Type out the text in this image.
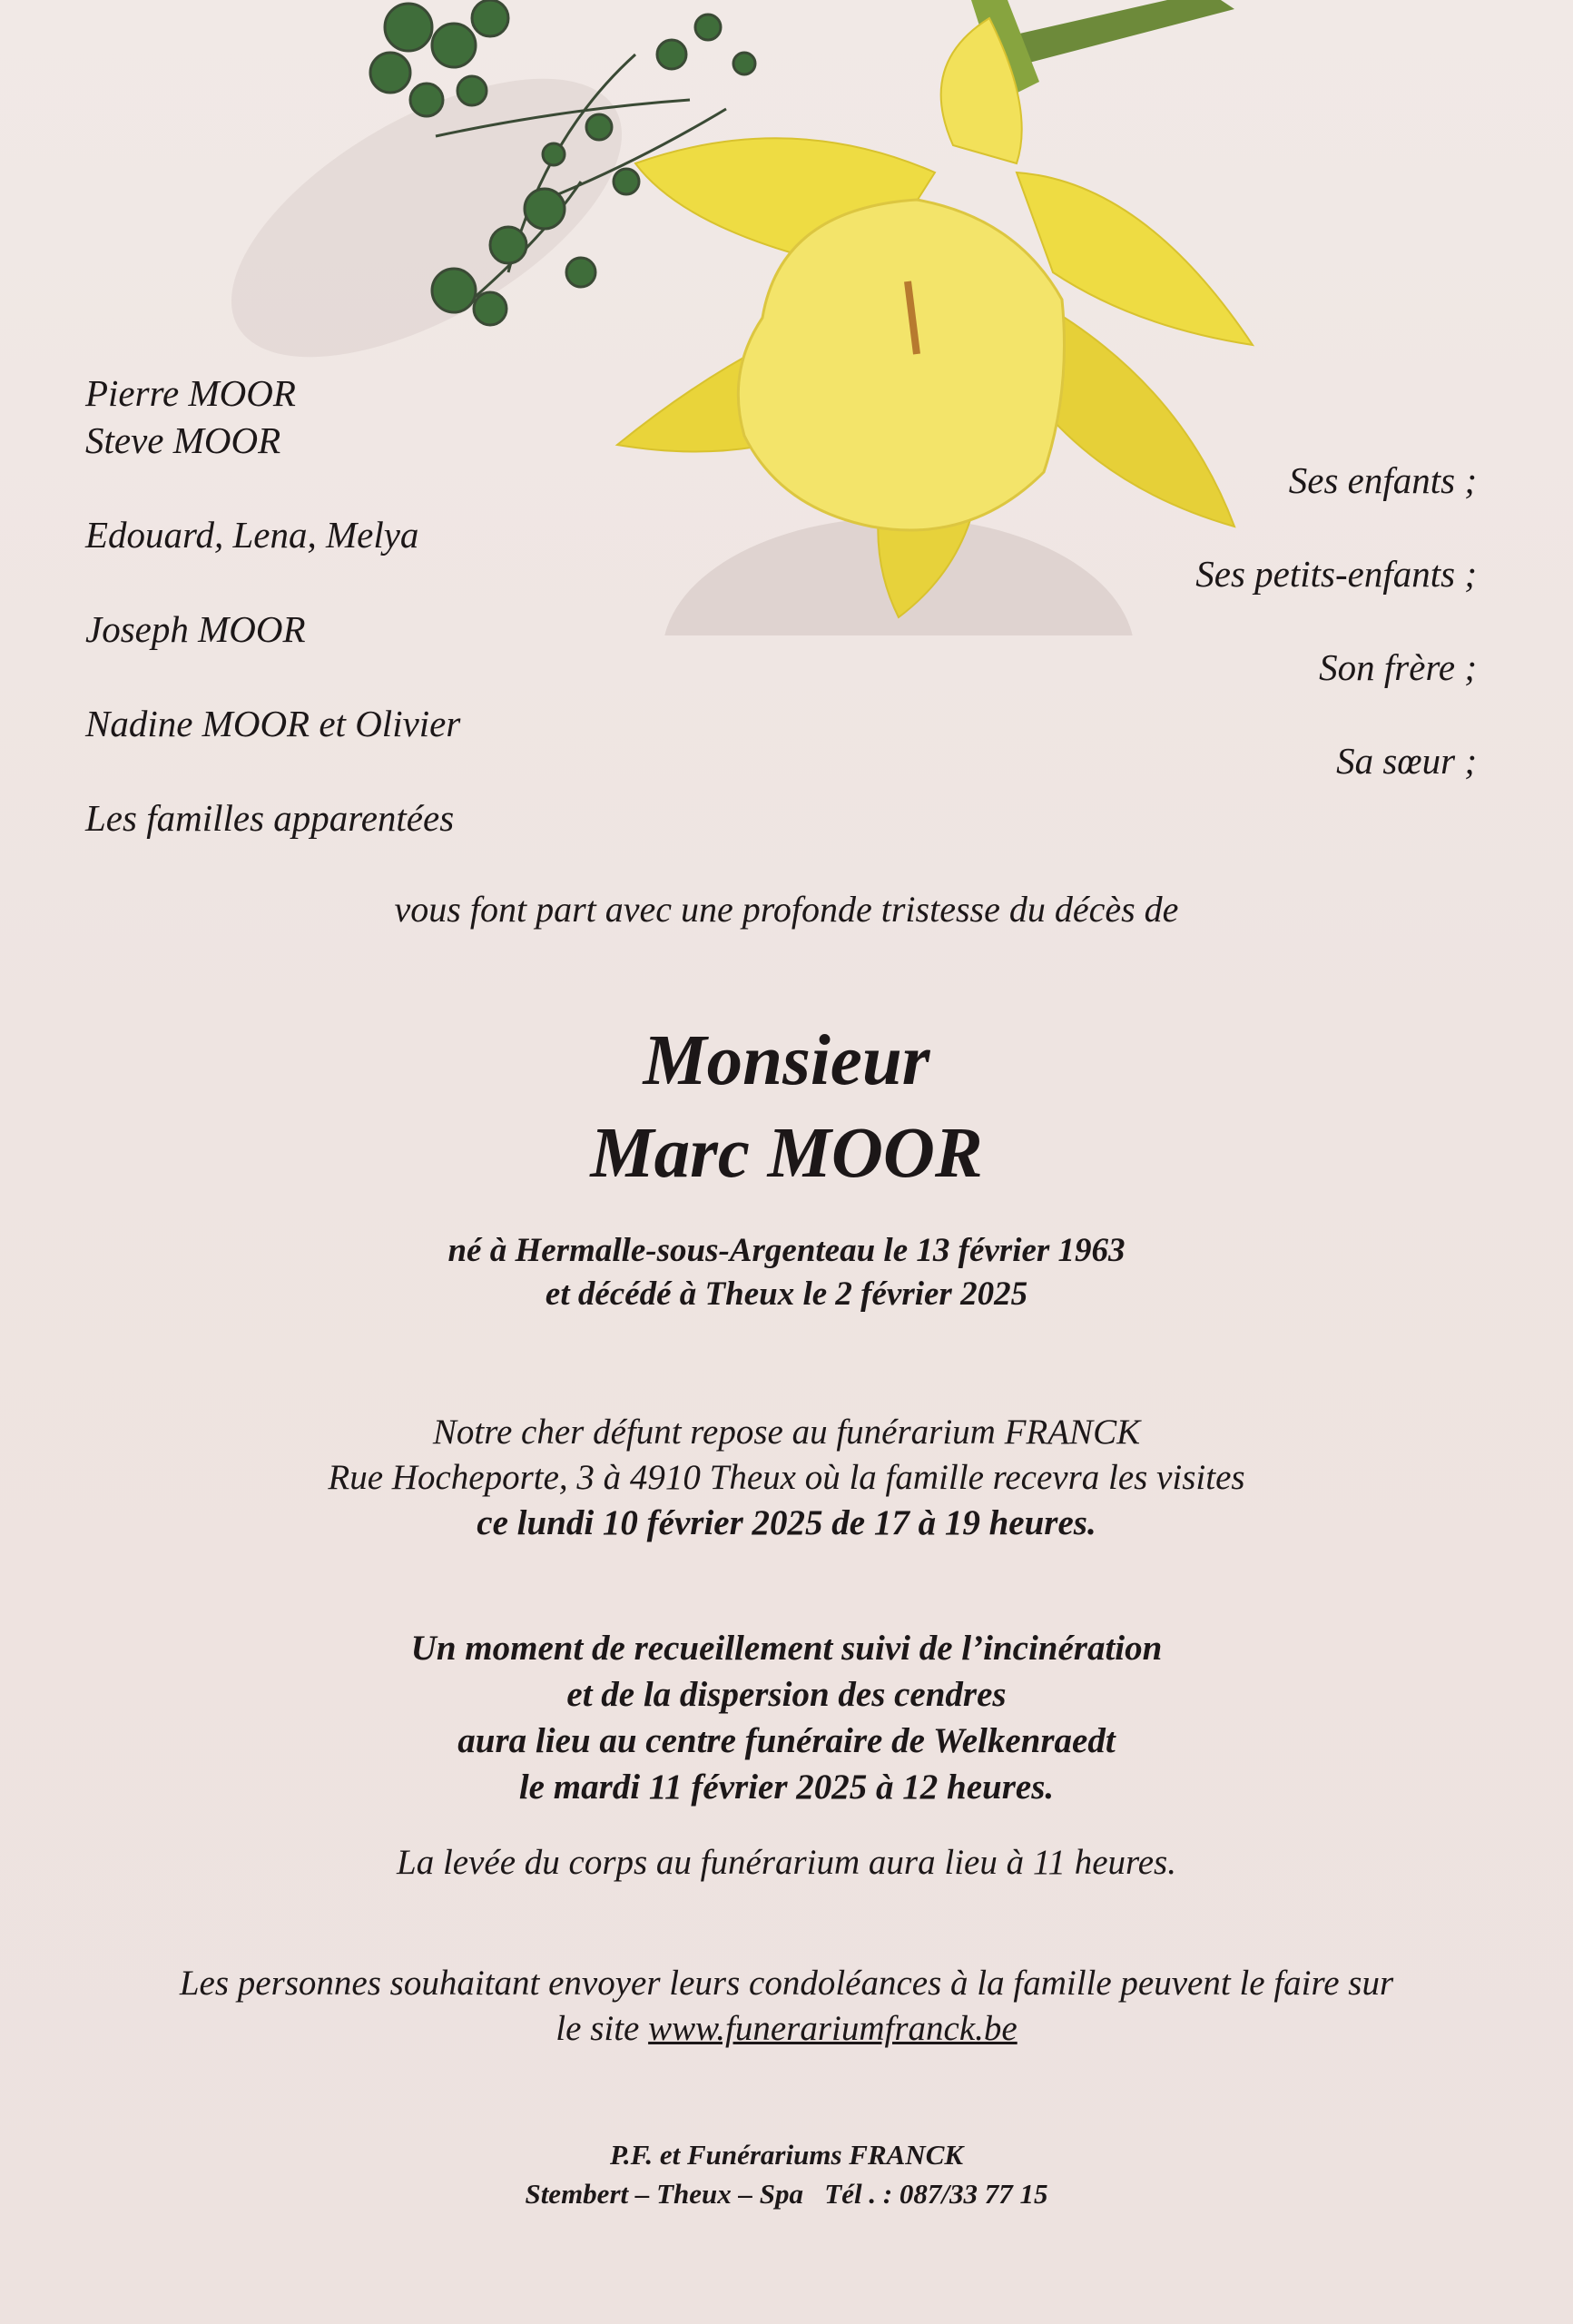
Pierre MOOR
Steve MOOR
Edouard, Lena, Melya
Joseph MOOR
Nadine MOOR et Olivier
Les familles apparentées
Ses enfants ;
Ses petits-enfants ;
Son frère ;
Sa sœur ;
vous font part avec une profonde tristesse du décès de
Monsieur
Marc MOOR
né à Hermalle-sous-Argenteau le 13 février 1963
et décédé à Theux le 2 février 2025
Notre cher défunt repose au funérarium FRANCK
Rue Hocheporte, 3 à 4910 Theux où la famille recevra les visites
ce lundi 10 février 2025 de 17 à 19 heures.
Un moment de recueillement suivi de l’incinération
et de la dispersion des cendres
aura lieu au centre funéraire de Welkenraedt
le mardi 11 février 2025 à 12 heures.
La levée du corps au funérarium aura lieu à 11 heures.
Les personnes souhaitant envoyer leurs condoléances à la famille peuvent le faire sur
le site www.funerariumfranck.be
P.F. et Funérariums FRANCK
Stembert – Theux – Spa Tél . : 087/33 77 15
